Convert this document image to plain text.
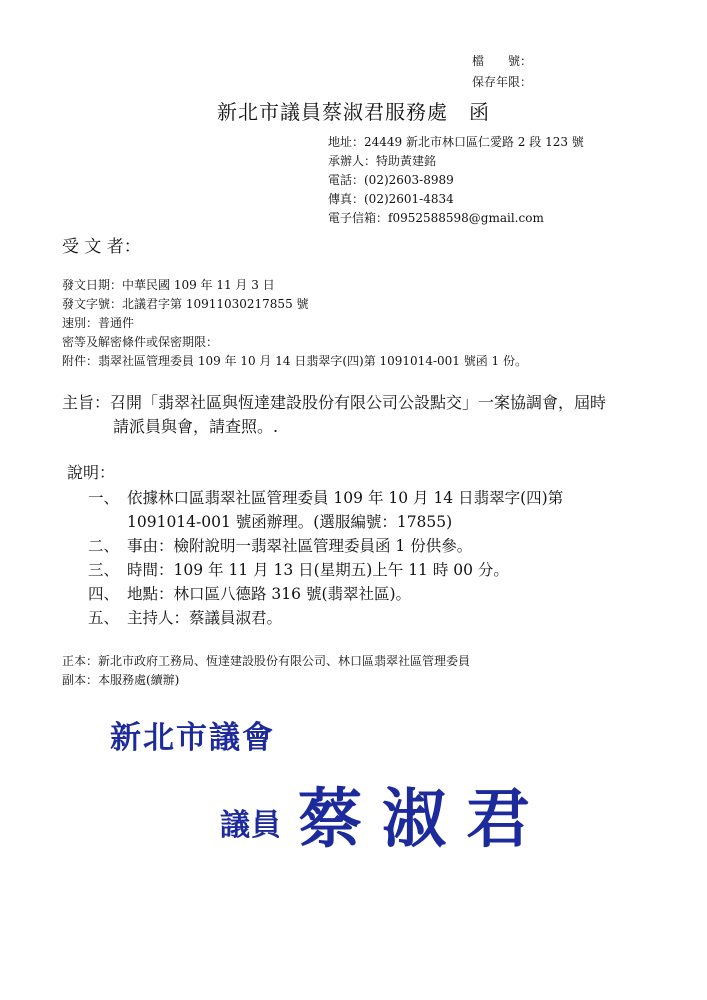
檔　　號：
保存年限：
新北市議員蔡淑君服務處　函
地址：24449 新北市林口區仁愛路 2 段 123 號
承辦人：特助黃建銘
電話：(02)2603-8989
傳真：(02)2601-4834
電子信箱：f0952588598@gmail.com
受 文 者：
發文日期：中華民國 109 年 11 月 3 日
發文字號：北議君字第 10911030217855 號
速別：普通件
密等及解密條件或保密期限：
附件：翡翠社區管理委員 109 年 10 月 14 日翡翠字(四)第 1091014-001 號函 1 份。
主旨：召開「翡翠社區與恆達建設股份有限公司公設點交」一案協調會，屆時
請派員與會，請查照。.
說明：
一、 依據林口區翡翠社區管理委員 109 年 10 月 14 日翡翠字(四)第
1091014-001 號函辦理。(選服編號：17855)
二、 事由：檢附說明一翡翠社區管理委員函 1 份供參。
三、 時間：109 年 11 月 13 日(星期五)上午 11 時 00 分。
四、 地點：林口區八德路 316 號(翡翠社區)。
五、 主持人：蔡議員淑君。
正本：新北市政府工務局、恆達建設股份有限公司、林口區翡翠社區管理委員
副本：本服務處(續辦)
新北市議會
議員 蔡淑君
